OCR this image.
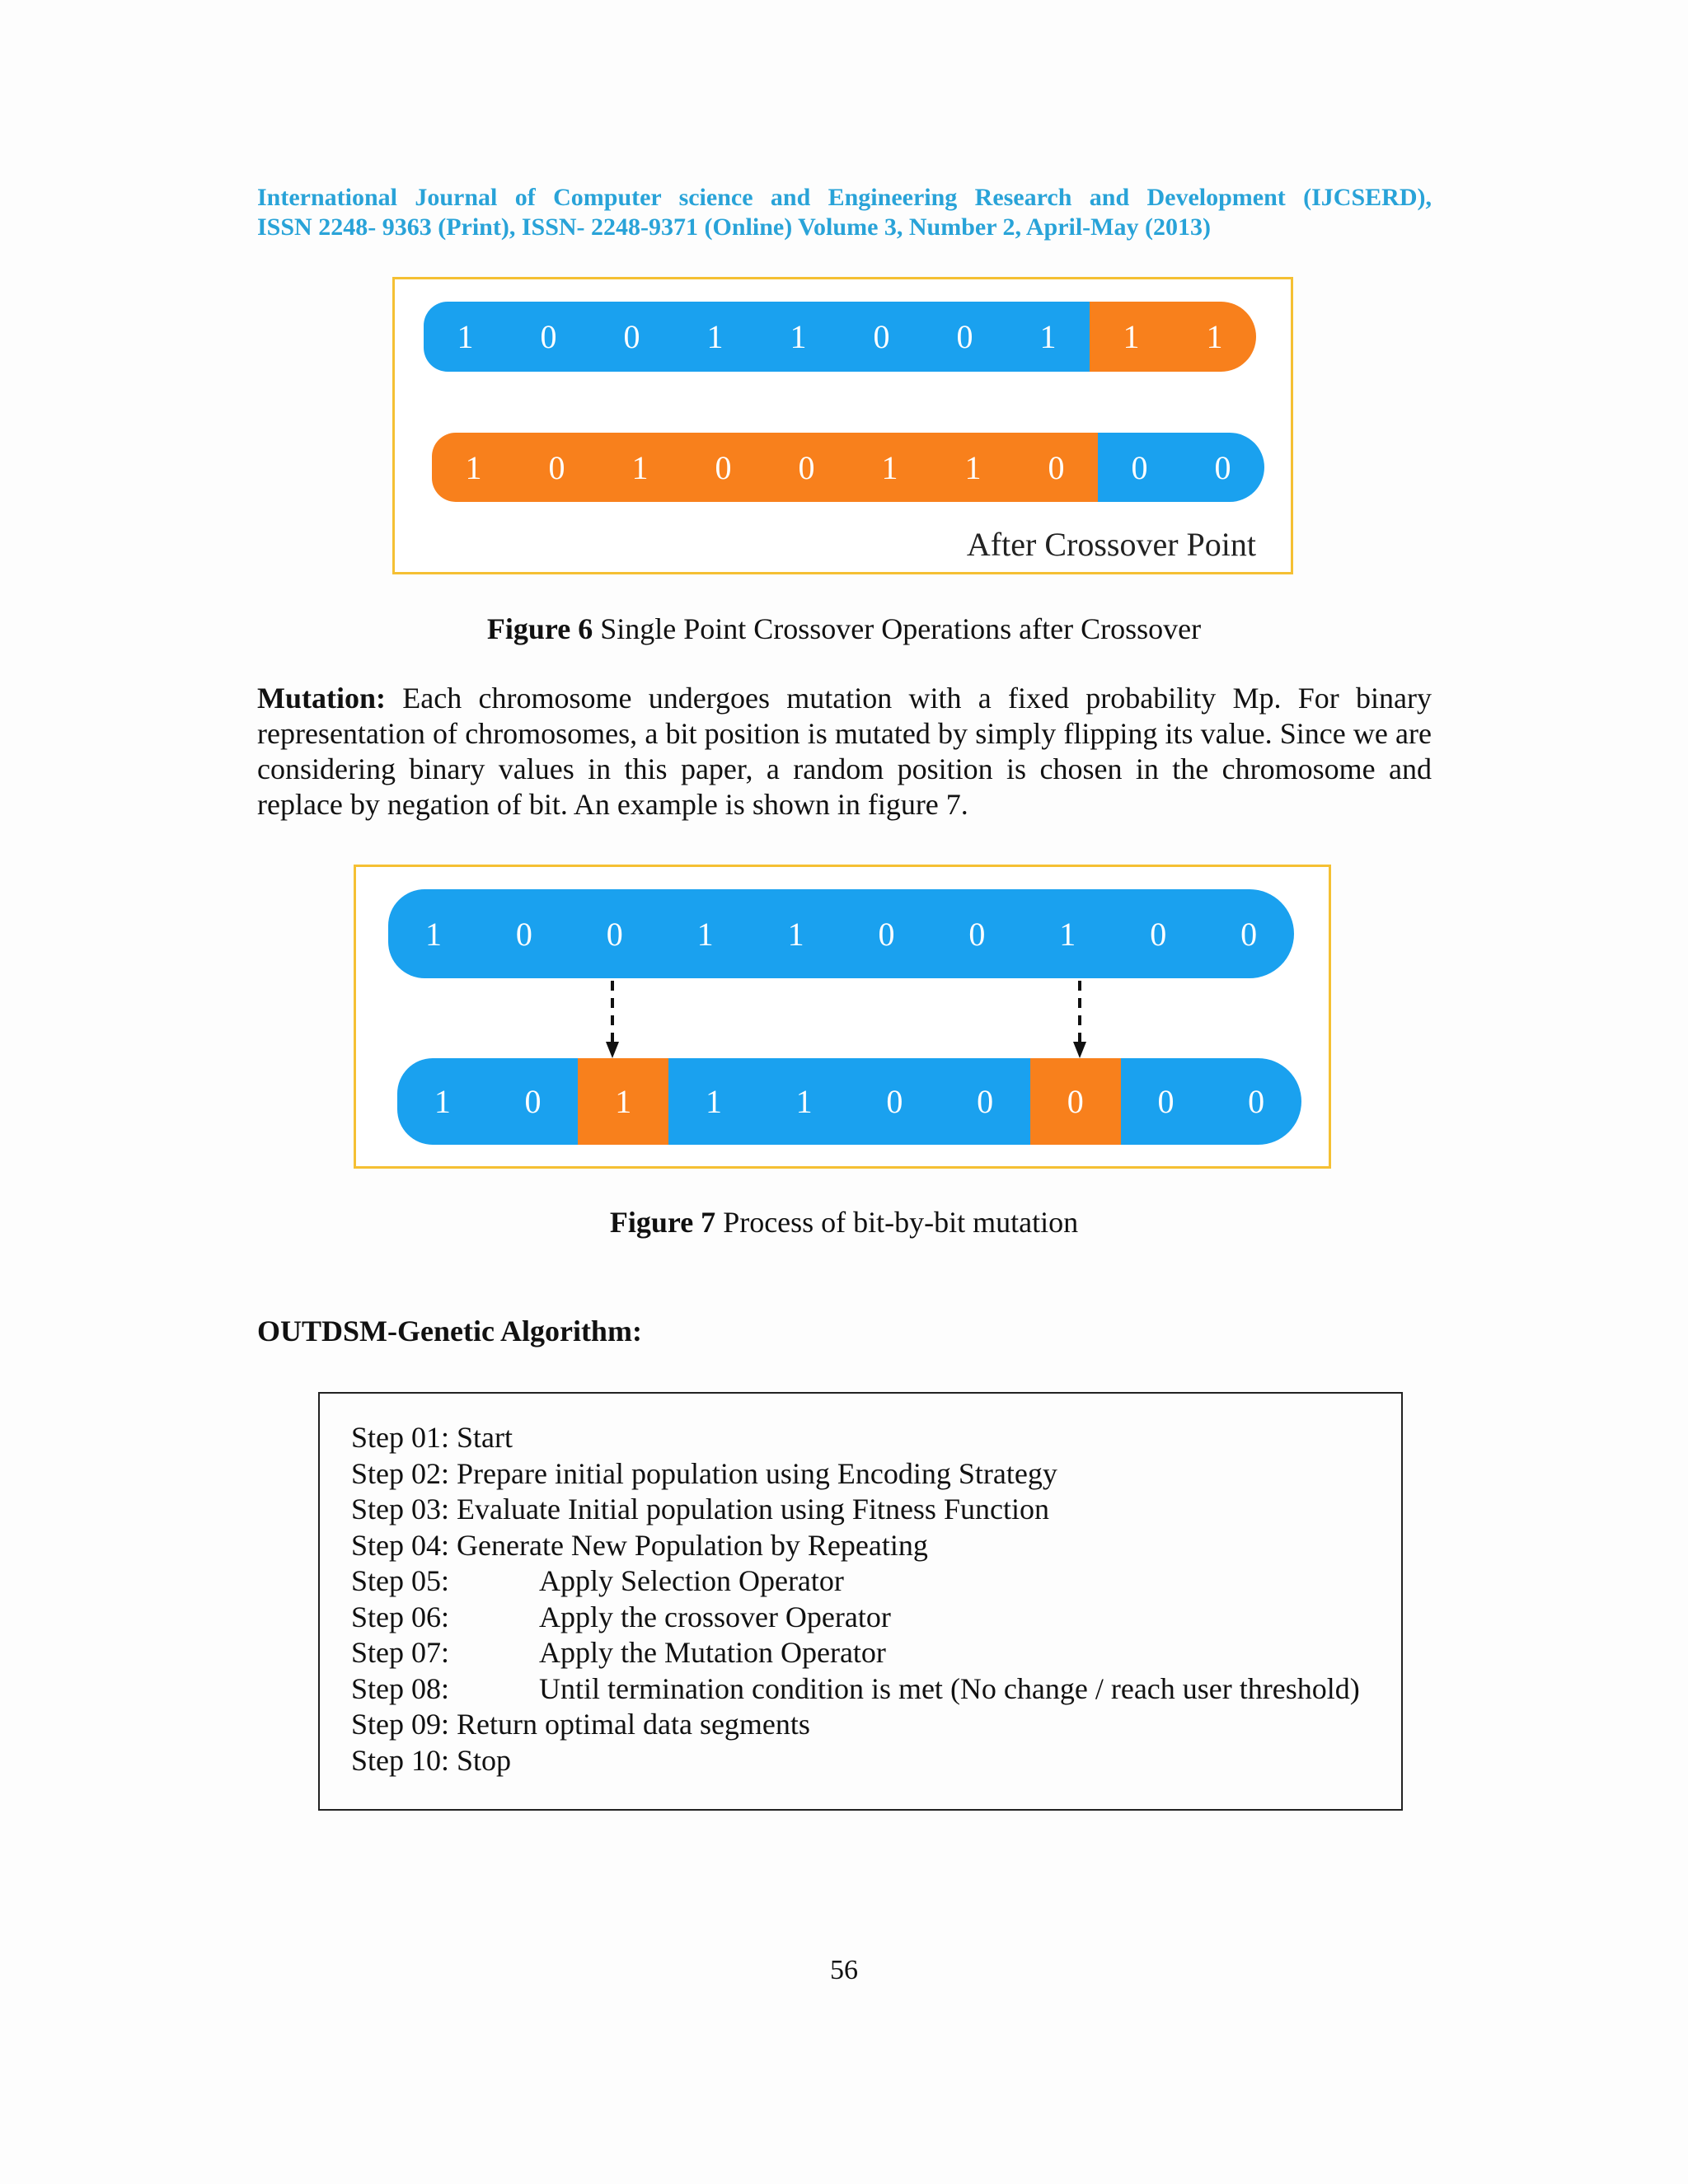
International Journal of Computer science and Engineering Research and Development (IJCSERD),
ISSN 2248- 9363 (Print), ISSN- 2248-9371 (Online) Volume 3, Number 2, April-May (2013)
1	0	0	1	1	0	0	1	1	1
1	0	1	0	0	1	1	0	0	0
After Crossover Point
Figure 6 Single Point Crossover Operations after Crossover
Mutation: Each chromosome undergoes mutation with a fixed probability Mp. For binary representation of chromosomes, a bit position is mutated by simply flipping its value. Since we are considering binary values in this paper, a random position is chosen in the chromosome and replace by negation of bit. An example is shown in figure 7.
1	0	0	1	1	0	0	1	0	0
1	0	1	1	1	0	0	0	0	0
Figure 7 Process of bit-by-bit mutation
OUTDSM-Genetic Algorithm:
Step 01: Start
Step 02: Prepare initial population using Encoding Strategy
Step 03: Evaluate Initial population using Fitness Function
Step 04: Generate New Population by Repeating
Step 05:	Apply Selection Operator
Step 06:	Apply the crossover Operator
Step 07:	Apply the Mutation Operator
Step 08:	Until termination condition is met (No change / reach user threshold)
Step 09: Return optimal data segments
Step 10: Stop
56
